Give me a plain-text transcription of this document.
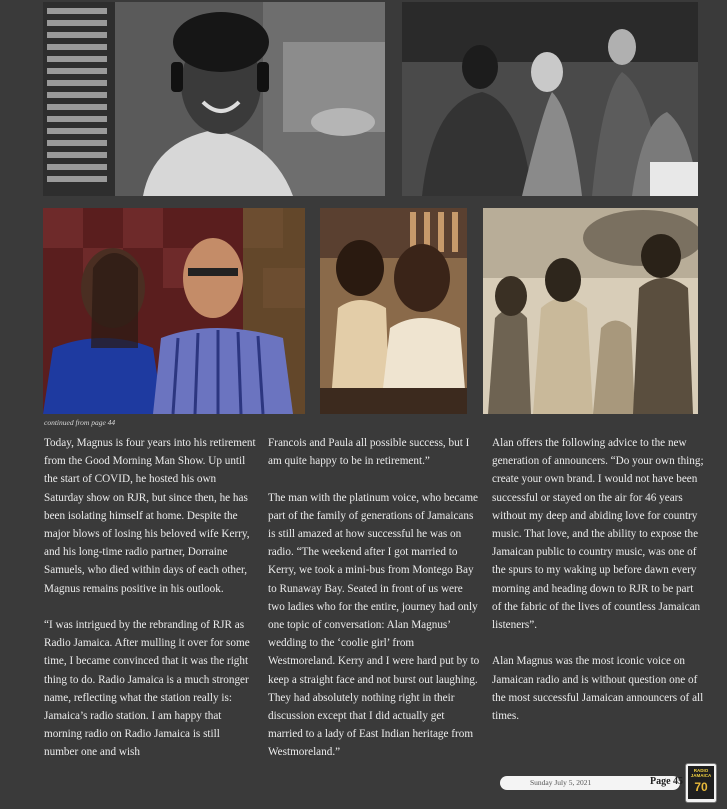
continued from page 44

Today, Magnus is four years into his retirement from the Good Morning Man Show. Up until the start of COVID, he hosted his own Saturday show on RJR, but since then, he has been isolating himself at home. Despite the major blows of losing his beloved wife Kerry, and his long-time radio partner, Dorraine Samuels, who died within days of each other, Magnus remains positive in his outlook.

“I was intrigued by the rebranding of RJR as Radio Jamaica. After mulling it over for some time, I became convinced that it was the right thing to do. Radio Jamaica is a much stronger name, reflecting what the station really is: Jamaica’s radio station. I am happy that morning radio on Radio Jamaica is still number one and wish

Francois and Paula all possible success, but I am quite happy to be in retirement.”

The man with the platinum voice, who became part of the family of generations of Jamaicans is still amazed at how successful he was on radio. “The weekend after I got married to Kerry, we took a mini-bus from Montego Bay to Runaway Bay. Seated in front of us were two ladies who for the entire, journey had only one topic of conversation: Alan Magnus’ wedding to the ‘coolie girl’ from Westmoreland. Kerry and I were hard put by to keep a straight face and not burst out laughing. They had absolutely nothing right in their discussion except that I did actually get married to a lady of East Indian heritage from Westmoreland.”

Alan offers the following advice to the new generation of announcers. “Do your own thing; create your own brand. I would not have been successful or stayed on the air for 46 years without my deep and abiding love for country music. That love, and the ability to expose the Jamaican public to country music, was one of the spurs to my waking up before dawn every morning and heading down to RJR to be part of the fabric of the lives of countless Jamaican listeners”.

Alan Magnus was the most iconic voice on Jamaican radio and is without question one of the most successful Jamaican announcers of all times.

Sunday July 5, 2021	Page 45
RADIO JAMAICA
70
